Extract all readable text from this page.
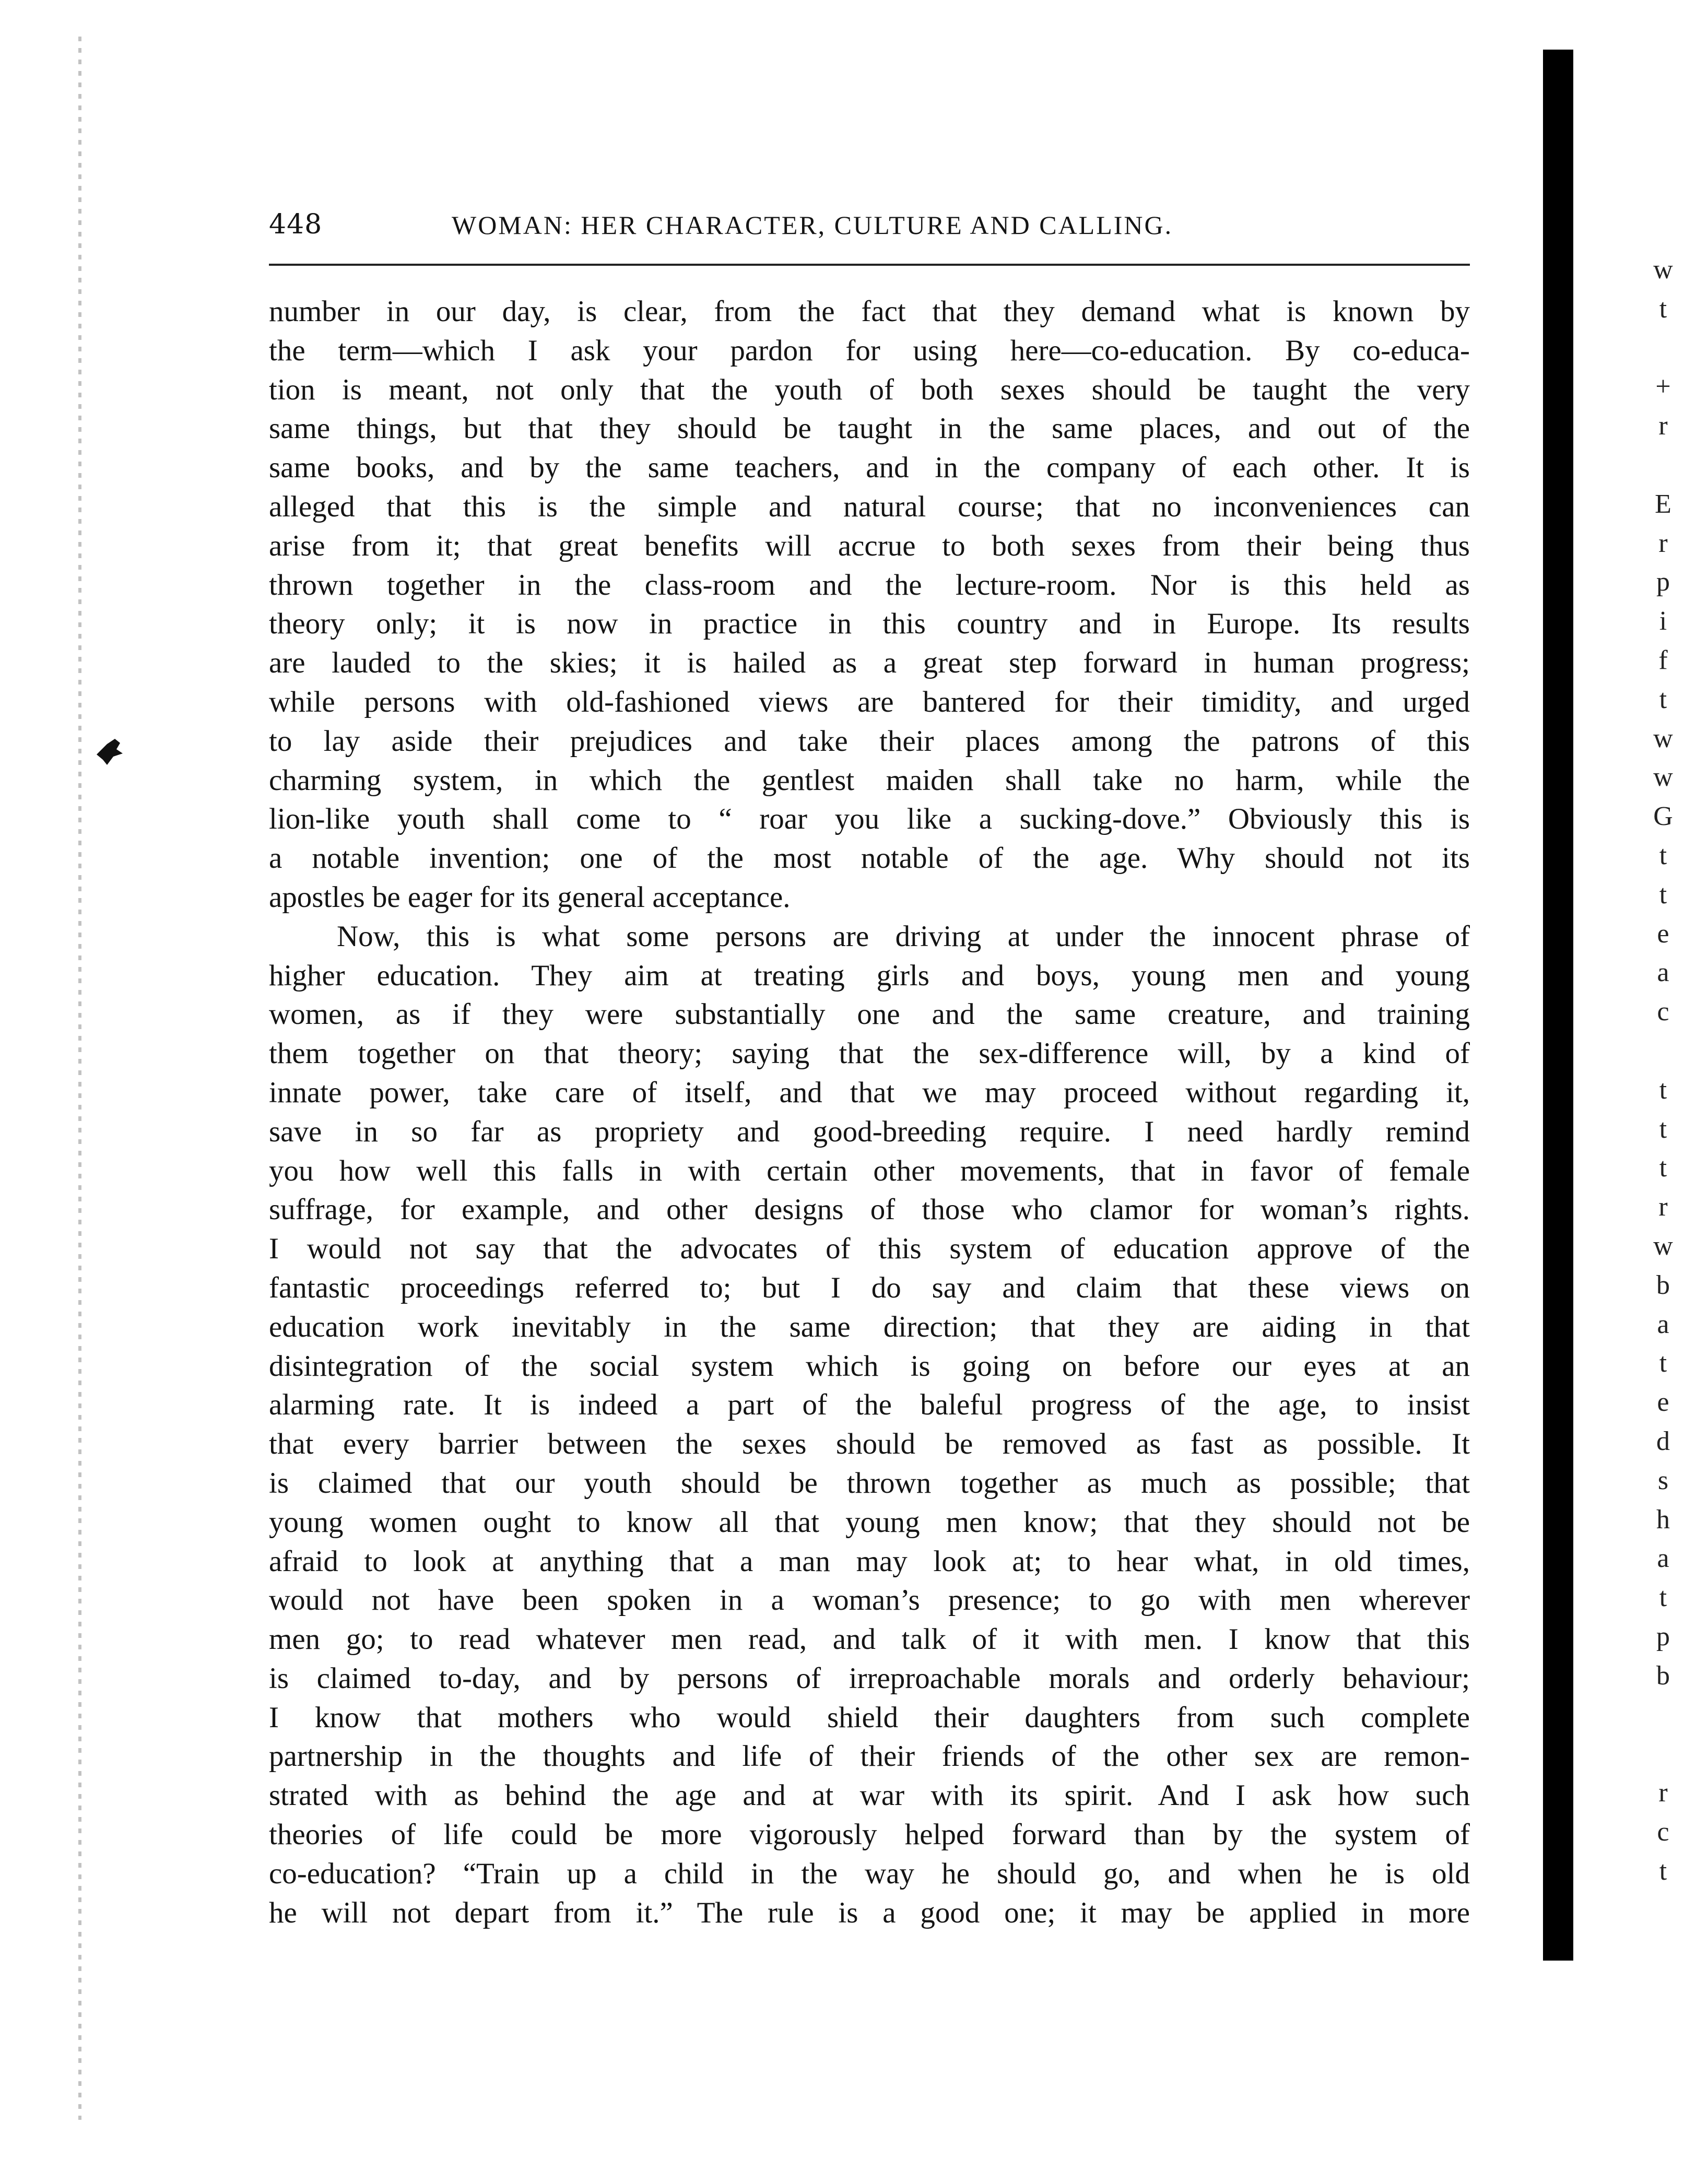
448	WOMAN: HER CHARACTER, CULTURE AND CALLING.
number in our day, is clear, from the fact that they demand what is known by
the term—which I ask your pardon for using here—co-education. By co-educa-
tion is meant, not only that the youth of both sexes should be taught the very
same things, but that they should be taught in the same places, and out of the
same books, and by the same teachers, and in the company of each other. It is
alleged that this is the simple and natural course; that no inconveniences can
arise from it; that great benefits will accrue to both sexes from their being thus
thrown together in the class-room and the lecture-room. Nor is this held as
theory only; it is now in practice in this country and in Europe. Its results
are lauded to the skies; it is hailed as a great step forward in human progress;
while persons with old-fashioned views are bantered for their timidity, and urged
to lay aside their prejudices and take their places among the patrons of this
charming system, in which the gentlest maiden shall take no harm, while the
lion-like youth shall come to “ roar you like a sucking-dove.” Obviously this is
a notable invention; one of the most notable of the age. Why should not its
apostles be eager for its general acceptance.
Now, this is what some persons are driving at under the innocent phrase of
higher education. They aim at treating girls and boys, young men and young
women, as if they were substantially one and the same creature, and training
them together on that theory; saying that the sex-difference will, by a kind of
innate power, take care of itself, and that we may proceed without regarding it,
save in so far as propriety and good-breeding require. I need hardly remind
you how well this falls in with certain other movements, that in favor of female
suffrage, for example, and other designs of those who clamor for woman’s rights.
I would not say that the advocates of this system of education approve of the
fantastic proceedings referred to; but I do say and claim that these views on
education work inevitably in the same direction; that they are aiding in that
disintegration of the social system which is going on before our eyes at an
alarming rate. It is indeed a part of the baleful progress of the age, to insist
that every barrier between the sexes should be removed as fast as possible. It
is claimed that our youth should be thrown together as much as possible; that
young women ought to know all that young men know; that they should not be
afraid to look at anything that a man may look at; to hear what, in old times,
would not have been spoken in a woman’s presence; to go with men wherever
men go; to read whatever men read, and talk of it with men. I know that this
is claimed to-day, and by persons of irreproachable morals and orderly behaviour;
I know that mothers who would shield their daughters from such complete
partnership in the thoughts and life of their friends of the other sex are remon-
strated with as behind the age and at war with its spirit. And I ask how such
theories of life could be more vigorously helped forward than by the system of
co-education? “Train up a child in the way he should go, and when he is old
he will not depart from it.” The rule is a good one; it may be applied in more
w
t
+
r
E
r
p
i
f
t
w
w
G
t
t
e
a
c
t
t
t
r
w
b
a
t
e
d
s
h
a
t
p
b
r
c
t
